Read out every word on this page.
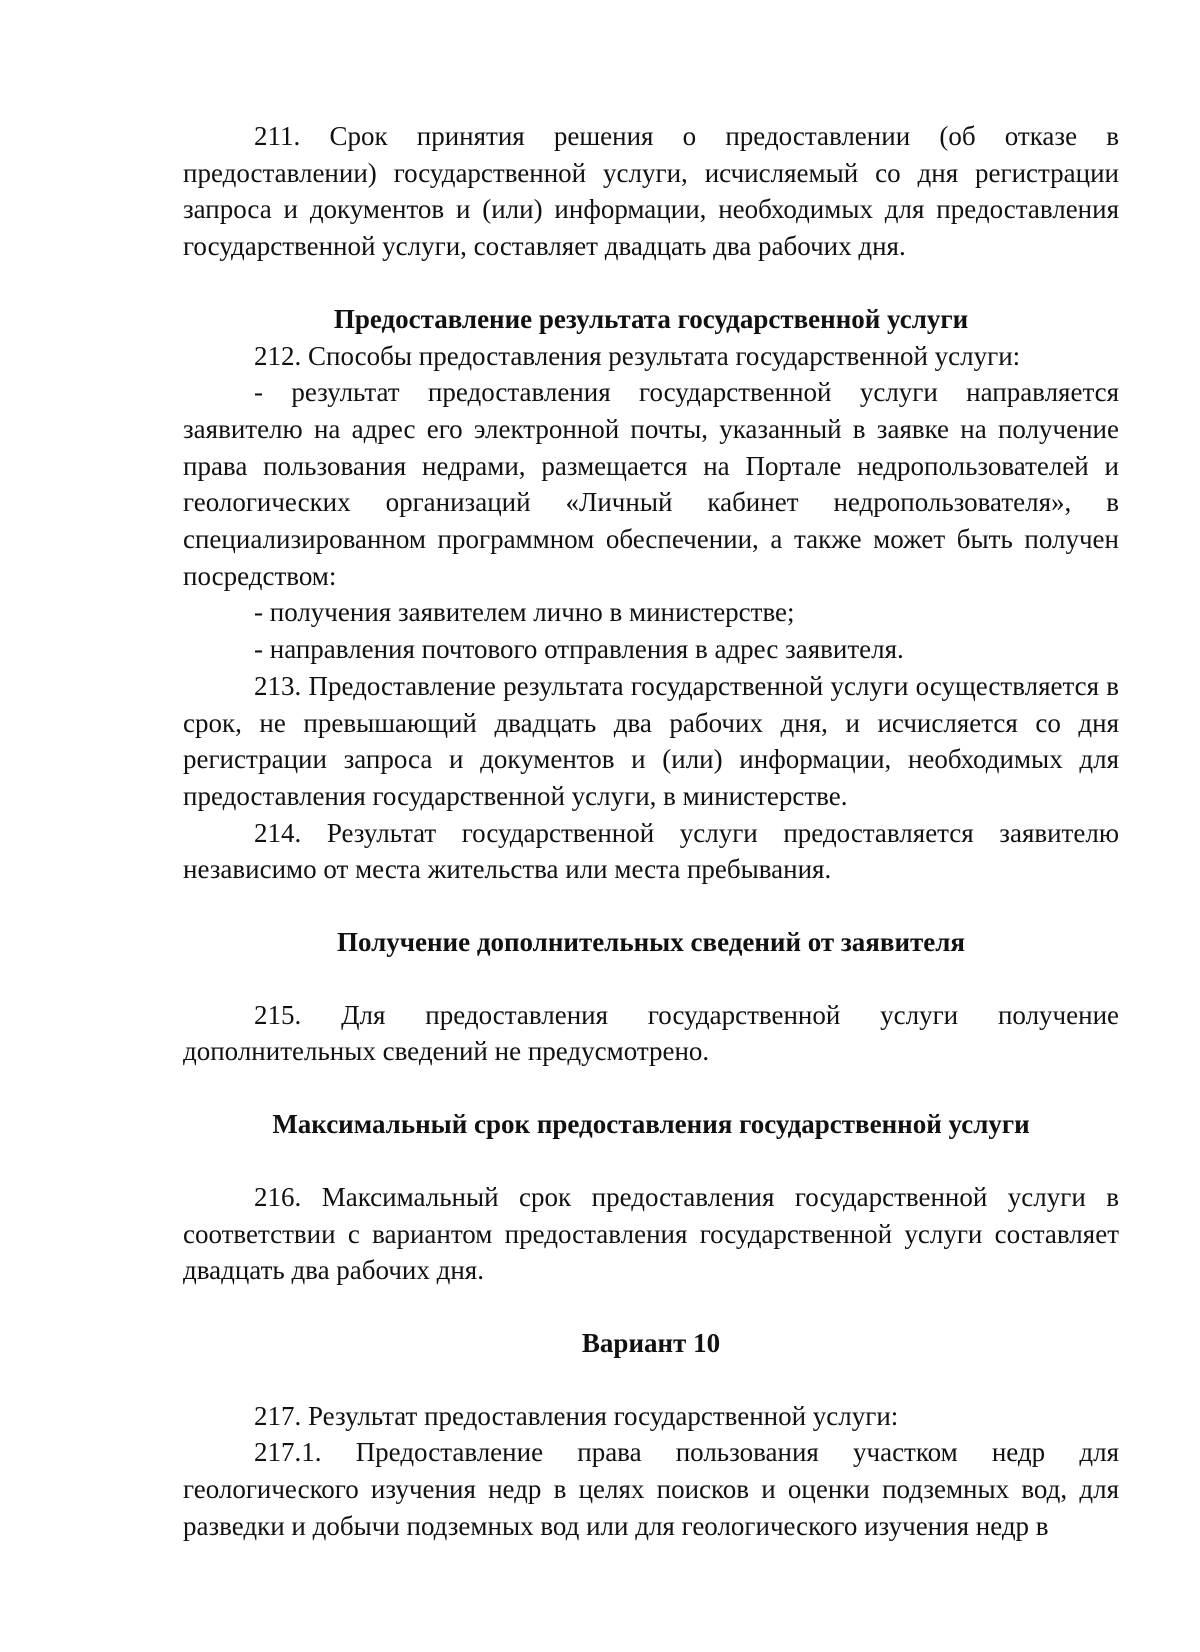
211. Срок принятия решения о предоставлении (об отказе в предоставлении) государственной услуги, исчисляемый со дня регистрации запроса и документов и (или) информации, необходимых для предоставления государственной услуги, составляет двадцать два рабочих дня.

Предоставление результата государственной услуги

212. Способы предоставления результата государственной услуги:

- результат предоставления государственной услуги направляется заявителю на адрес его электронной почты, указанный в заявке на получение права пользования недрами, размещается на Портале недропользователей и геологических организаций «Личный кабинет недропользователя», в специализированном программном обеспечении, а также может быть получен посредством:

- получения заявителем лично в министерстве;

- направления почтового отправления в адрес заявителя.

213. Предоставление результата государственной услуги осуществляется в срок, не превышающий двадцать два рабочих дня, и исчисляется со дня регистрации запроса и документов и (или) информации, необходимых для предоставления государственной услуги, в министерстве.

214. Результат государственной услуги предоставляется заявителю независимо от места жительства или места пребывания.

Получение дополнительных сведений от заявителя

215. Для предоставления государственной услуги получение дополнительных сведений не предусмотрено.

Максимальный срок предоставления государственной услуги

216. Максимальный срок предоставления государственной услуги в соответствии с вариантом предоставления государственной услуги составляет двадцать два рабочих дня.

Вариант 10

217. Результат предоставления государственной услуги:

217.1. Предоставление права пользования участком недр для геологического изучения недр в целях поисков и оценки подземных вод, для разведки и добычи подземных вод или для геологического изучения недр в
